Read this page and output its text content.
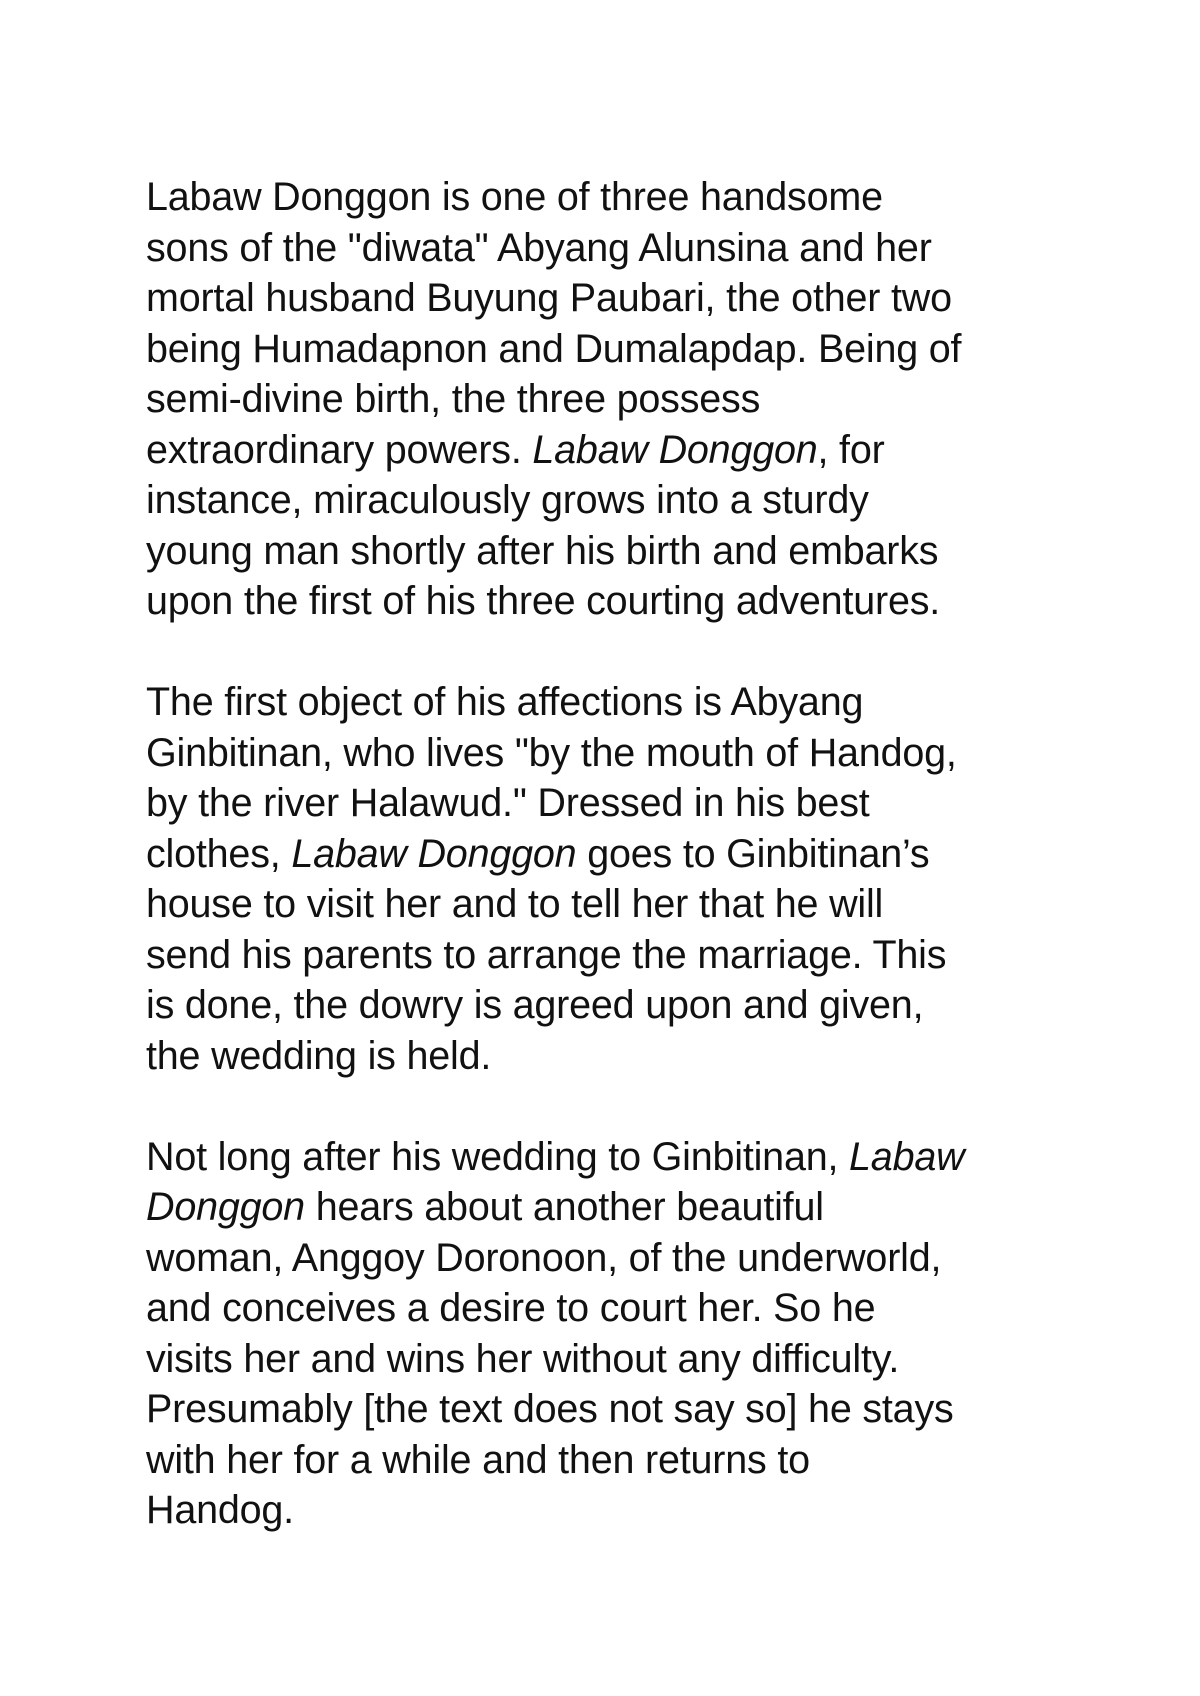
Labaw Donggon is one of three handsome
sons of the "diwata" Abyang Alunsina and her
mortal husband Buyung Paubari, the other two
being Humadapnon and Dumalapdap. Being of
semi-divine birth, the three possess
extraordinary powers. Labaw Donggon, for
instance, miraculously grows into a sturdy
young man shortly after his birth and embarks
upon the first of his three courting adventures.

The first object of his affections is Abyang
Ginbitinan, who lives "by the mouth of Handog,
by the river Halawud." Dressed in his best
clothes, Labaw Donggon goes to Ginbitinan’s
house to visit her and to tell her that he will
send his parents to arrange the marriage. This
is done, the dowry is agreed upon and given,
the wedding is held.

Not long after his wedding to Ginbitinan, Labaw
Donggon hears about another beautiful
woman, Anggoy Doronoon, of the underworld,
and conceives a desire to court her. So he
visits her and wins her without any difficulty.
Presumably [the text does not say so] he stays
with her for a while and then returns to
Handog.
